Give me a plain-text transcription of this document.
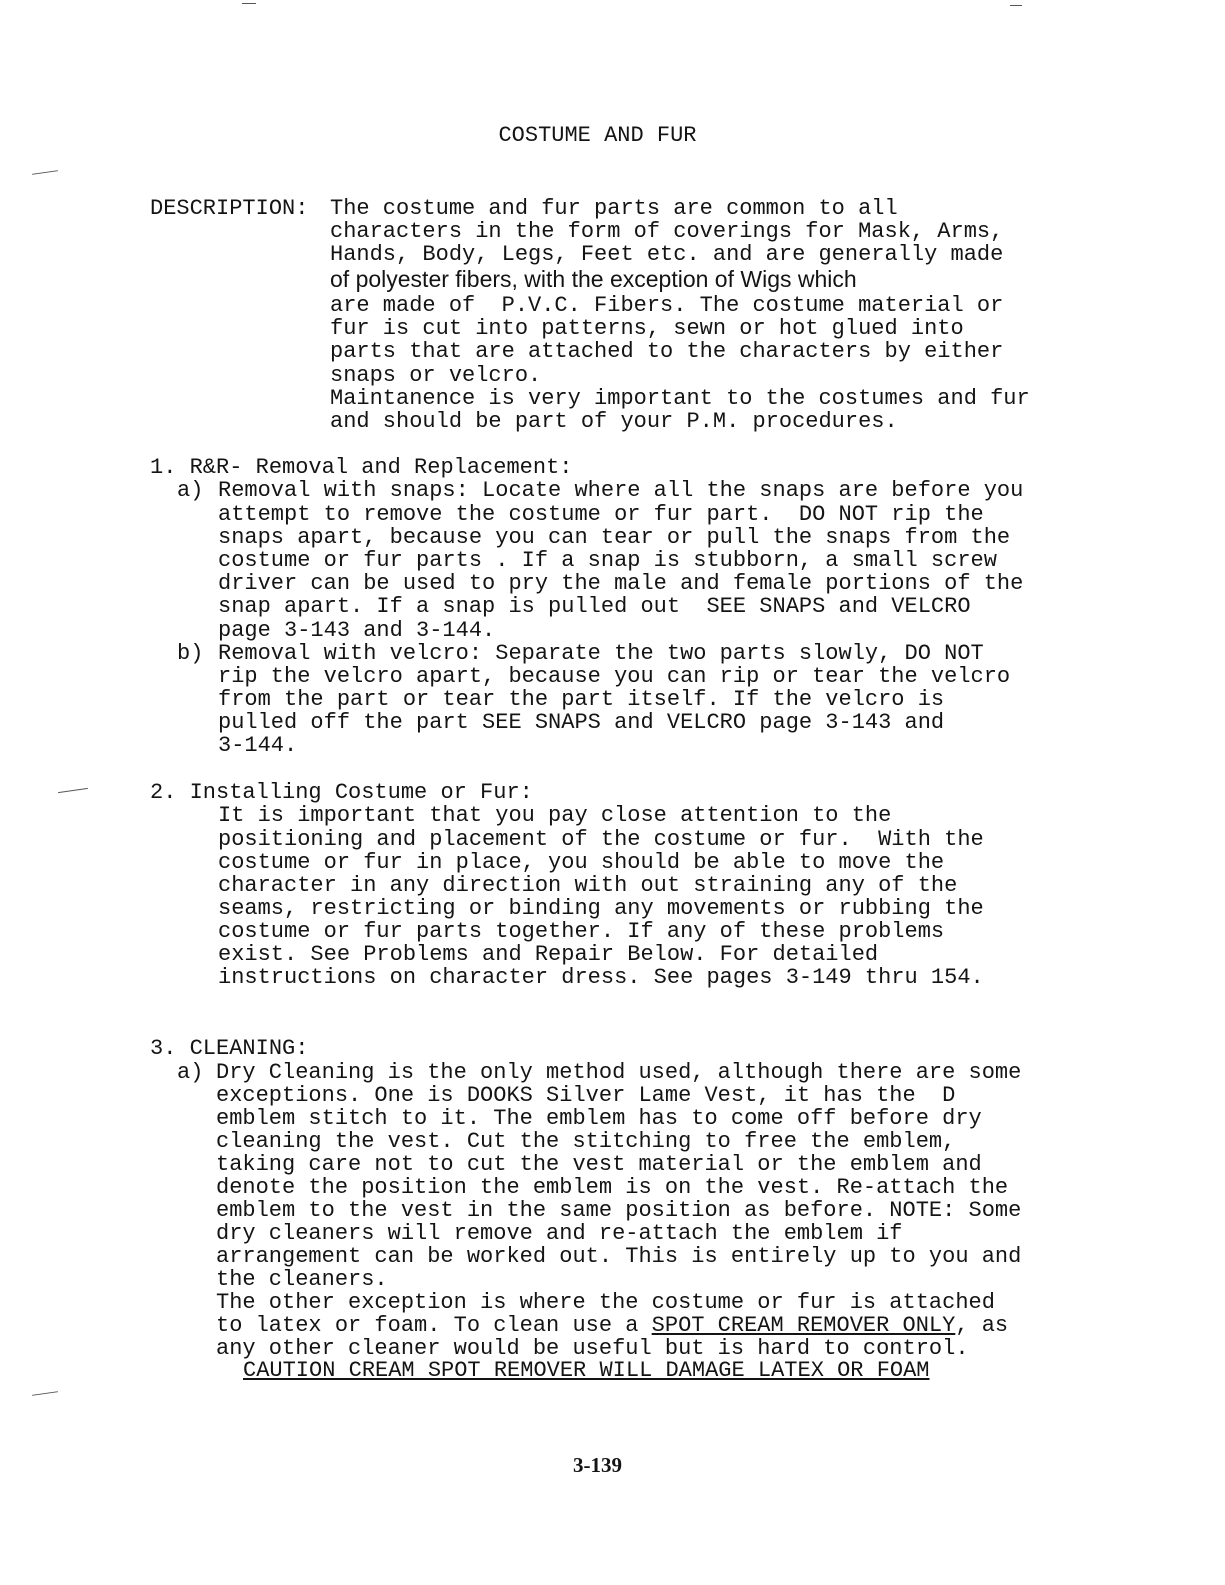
COSTUME AND FUR
DESCRIPTION: The costume and fur parts are common to all
characters in the form of coverings for Mask, Arms,
Hands, Body, Legs, Feet etc. and are generally made
of polyester fibers, with the exception of Wigs which
are made of  P.V.C. Fibers. The costume material or
fur is cut into patterns, sewn or hot glued into
parts that are attached to the characters by either
snaps or velcro.
Maintanence is very important to the costumes and fur
and should be part of your P.M. procedures.
1. R&R- Removal and Replacement:
a) Removal with snaps: Locate where all the snaps are before you
attempt to remove the costume or fur part.  DO NOT rip the
snaps apart, because you can tear or pull the snaps from the
costume or fur parts . If a snap is stubborn, a small screw
driver can be used to pry the male and female portions of the
snap apart. If a snap is pulled out  SEE SNAPS and VELCRO
page 3-143 and 3-144.
b) Removal with velcro: Separate the two parts slowly, DO NOT
rip the velcro apart, because you can rip or tear the velcro
from the part or tear the part itself. If the velcro is
pulled off the part SEE SNAPS and VELCRO page 3-143 and
3-144.
2. Installing Costume or Fur:
It is important that you pay close attention to the
positioning and placement of the costume or fur.  With the
costume or fur in place, you should be able to move the
character in any direction with out straining any of the
seams, restricting or binding any movements or rubbing the
costume or fur parts together. If any of these problems
exist. See Problems and Repair Below. For detailed
instructions on character dress. See pages 3-149 thru 154.
3. CLEANING:
a) Dry Cleaning is the only method used, although there are some
exceptions. One is DOOKS Silver Lame Vest, it has the  D
emblem stitch to it. The emblem has to come off before dry
cleaning the vest. Cut the stitching to free the emblem,
taking care not to cut the vest material or the emblem and
denote the position the emblem is on the vest. Re-attach the
emblem to the vest in the same position as before. NOTE: Some
dry cleaners will remove and re-attach the emblem if
arrangement can be worked out. This is entirely up to you and
the cleaners.
The other exception is where the costume or fur is attached
to latex or foam. To clean use a SPOT CREAM REMOVER ONLY, as
any other cleaner would be useful but is hard to control.
CAUTION CREAM SPOT REMOVER WILL DAMAGE LATEX OR FOAM
3-139
